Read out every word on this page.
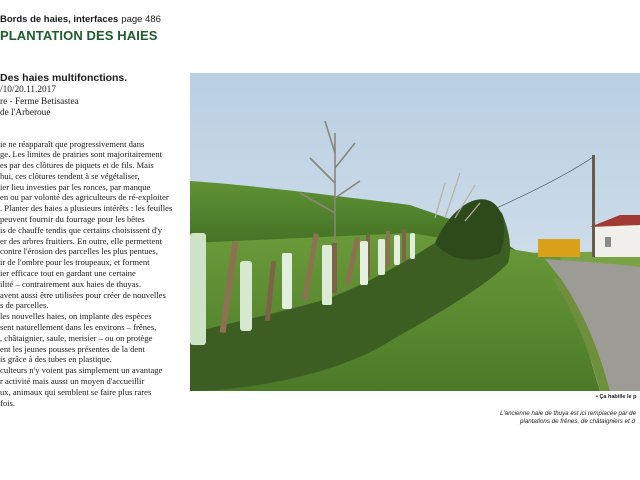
Bords de haies, interfaces page 486
PLANTATION DES HAIES
Des haies multifonctions.
/10/20.11.2017
re - Ferme Betisastea
de l'Arberoue
ie ne réapparaît que progressivement dans
ge. Les limites de prairies sont majoritairement
es par des clôtures de piquets et de fils. Mais
hui, ces clôtures tendent à se végétaliser,
ier lieu investies par les ronces, par manque
en ou par volonté des agriculteurs de ré-exploiter
. Planter des haies a plusieurs intérêts : les feuilles
peuvent fournir du fourrage pour les bêtes
is de chauffe tendis que certains choisissent d'y
er des arbres fruitiers. En outre, elle permettent
contre l'érosion des parcelles les plus pentues,
ir de l'ombre pour les troupeaux, et forment
ier efficace tout en gardant une certaine
ilité – contrairement aux haies de thuyas.
avent aussi être utilisées pour créer de nouvelles
s de parcelles.
les nouvelles haies, on implante des espèces
sent naturellement dans les environs – frênes,
, châtaignier, saule, merisier – ou on protège
ent les jeunes pousses présentes de la dent
is grâce à des tubes en plastique.
culteurs n'y voient pas simplement un avantage
r activité mais aussi un moyen d'accueillir
ux, animaux qui semblent se faire plus rares
fois.
• Ça habille le p
L'ancienne haie de thuya est ici remplacée par de
plantations de frênes, de châtaigniers et d
